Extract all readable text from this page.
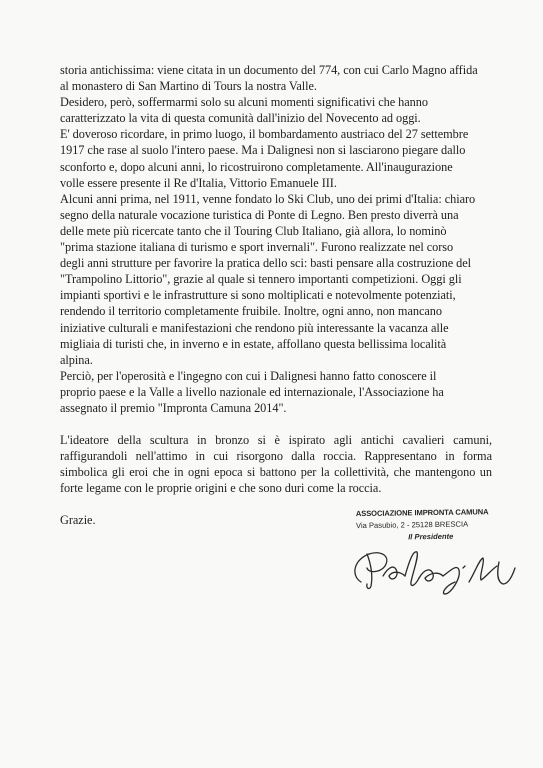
storia antichissima: viene citata in un documento del 774, con cui Carlo Magno affida
al monastero di San Martino di Tours la nostra Valle.
Desidero, però, soffermarmi solo su alcuni momenti significativi che hanno
caratterizzato la vita di questa comunità dall'inizio del Novecento ad oggi.
E' doveroso ricordare, in primo luogo, il bombardamento austriaco del 27 settembre
1917 che rase al suolo l'intero paese. Ma i Dalignesi non si lasciarono piegare dallo
sconforto e, dopo alcuni anni, lo ricostruirono completamente. All'inaugurazione
volle essere presente il Re d'Italia, Vittorio Emanuele III.
Alcuni anni prima, nel 1911, venne fondato lo Ski Club, uno dei primi d'Italia: chiaro
segno della naturale vocazione turistica di Ponte di Legno. Ben presto diverrà una
delle mete più ricercate tanto che il Touring Club Italiano, già allora, lo nominò
"prima stazione italiana di turismo e sport invernali". Furono realizzate nel corso
degli anni strutture per favorire la pratica dello sci: basti pensare alla costruzione del
"Trampolino Littorio", grazie al quale si tennero importanti competizioni. Oggi gli
impianti sportivi e le infrastrutture si sono moltiplicati e notevolmente potenziati,
rendendo il territorio completamente fruibile. Inoltre, ogni anno, non mancano
iniziative culturali e manifestazioni che rendono più interessante la vacanza alle
migliaia di turisti che, in inverno e in estate, affollano questa bellissima località
alpina.
Perciò, per l'operosità e l'ingegno con cui i Dalignesi hanno fatto conoscere il
proprio paese e la Valle a livello nazionale ed internazionale, l'Associazione ha
assegnato il premio "Impronta Camuna 2014".

L'ideatore della scultura in bronzo si è ispirato agli antichi cavalieri camuni, raffigurandoli nell'attimo in cui risorgono dalla roccia. Rappresentano in forma simbolica gli eroi che in ogni epoca si battono per la collettività, che mantengono un forte legame con le proprie origini e che sono duri come la roccia.

Grazie.

ASSOCIAZIONE IMPRONTA CAMUNA
Via Pasubio, 2 - 25128 BRESCIA
Il Presidente
